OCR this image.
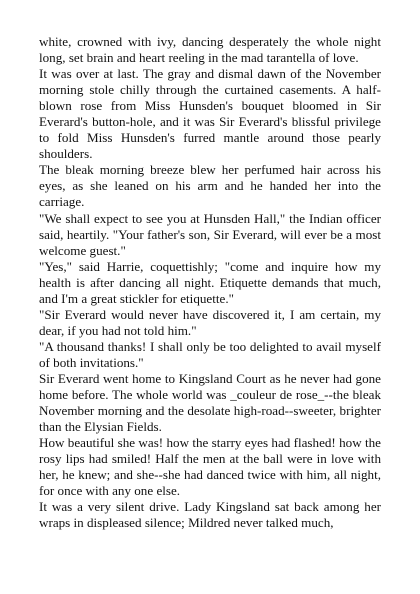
white, crowned with ivy, dancing desperately the whole night long, set brain and heart reeling in the mad tarantella of love.

It was over at last. The gray and dismal dawn of the November morning stole chilly through the curtained casements. A half-blown rose from Miss Hunsden's bouquet bloomed in Sir Everard's button-hole, and it was Sir Everard's blissful privilege to fold Miss Hunsden's furred mantle around those pearly shoulders.

The bleak morning breeze blew her perfumed hair across his eyes, as she leaned on his arm and he handed her into the carriage.

"We shall expect to see you at Hunsden Hall," the Indian officer said, heartily. "Your father's son, Sir Everard, will ever be a most welcome guest."

"Yes," said Harrie, coquettishly; "come and inquire how my health is after dancing all night. Etiquette demands that much, and I'm a great stickler for etiquette."

"Sir Everard would never have discovered it, I am certain, my dear, if you had not told him."

"A thousand thanks! I shall only be too delighted to avail myself of both invitations."

Sir Everard went home to Kingsland Court as he never had gone home before. The whole world was _couleur de rose_--the bleak November morning and the desolate high-road--sweeter, brighter than the Elysian Fields.

How beautiful she was! how the starry eyes had flashed! how the rosy lips had smiled! Half the men at the ball were in love with her, he knew; and she--she had danced twice with him, all night, for once with any one else.

It was a very silent drive. Lady Kingsland sat back among her wraps in displeased silence; Mildred never talked much,
